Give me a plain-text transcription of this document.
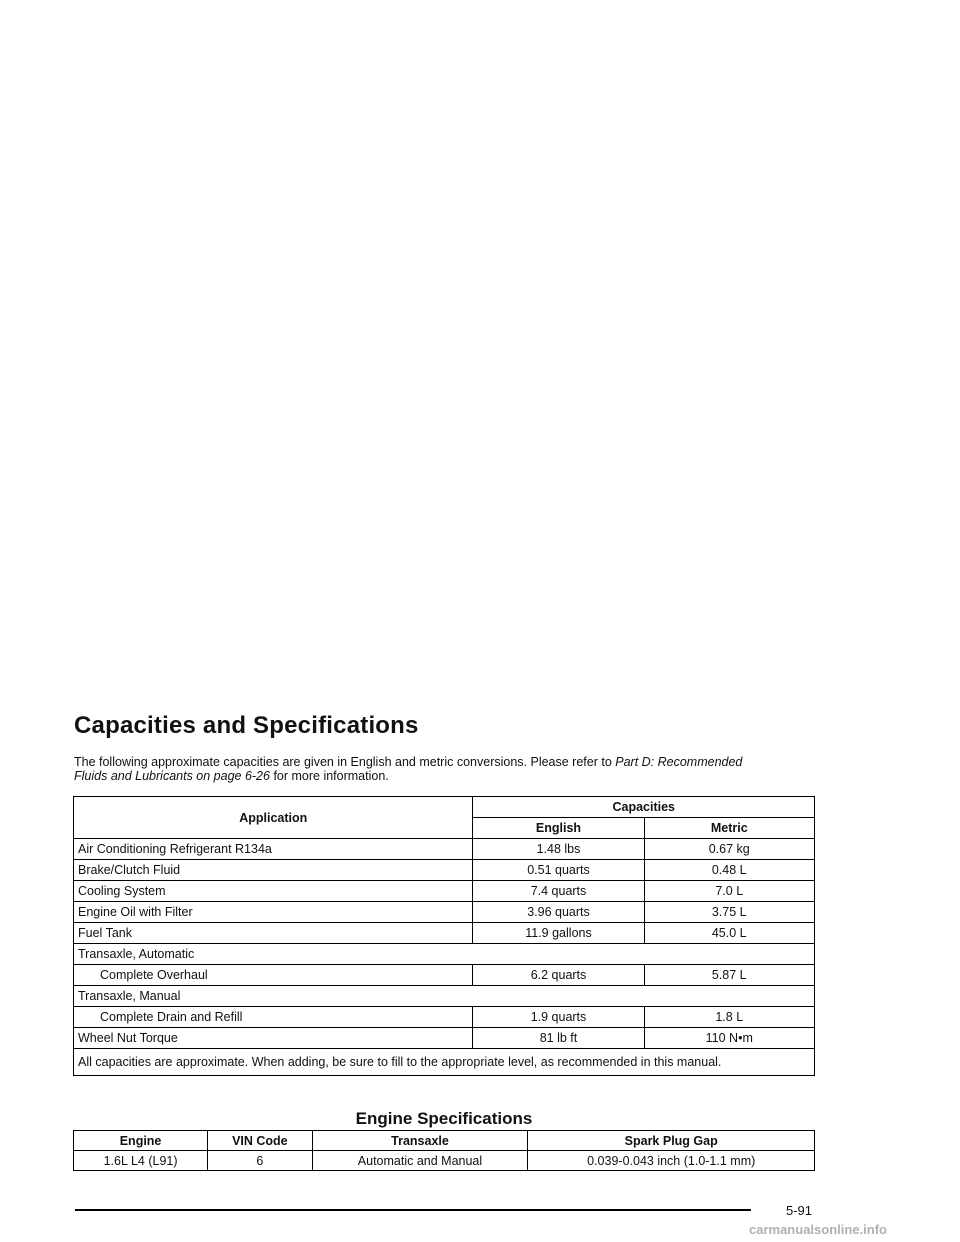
Capacities and Specifications
The following approximate capacities are given in English and metric conversions. Please refer to Part D: Recommended Fluids and Lubricants on page 6-26 for more information.
Application	Capacities	
	English	Metric
Air Conditioning Refrigerant R134a	1.48 lbs	0.67 kg
Brake/Clutch Fluid	0.51 quarts	0.48 L
Cooling System	7.4 quarts	7.0 L
Engine Oil with Filter	3.96 quarts	3.75 L
Fuel Tank	11.9 gallons	45.0 L
Transaxle, Automatic		
Complete Overhaul	6.2 quarts	5.87 L
Transaxle, Manual		
Complete Drain and Refill	1.9 quarts	1.8 L
Wheel Nut Torque	81 lb ft	110 N•m
All capacities are approximate. When adding, be sure to fill to the appropriate level, as recommended in this manual.		
Engine Specifications
Engine	VIN Code	Transaxle	Spark Plug Gap
1.6L L4 (L91)	6	Automatic and Manual	0.039-0.043 inch (1.0-1.1 mm)
5-91
carmanualsonline.info
